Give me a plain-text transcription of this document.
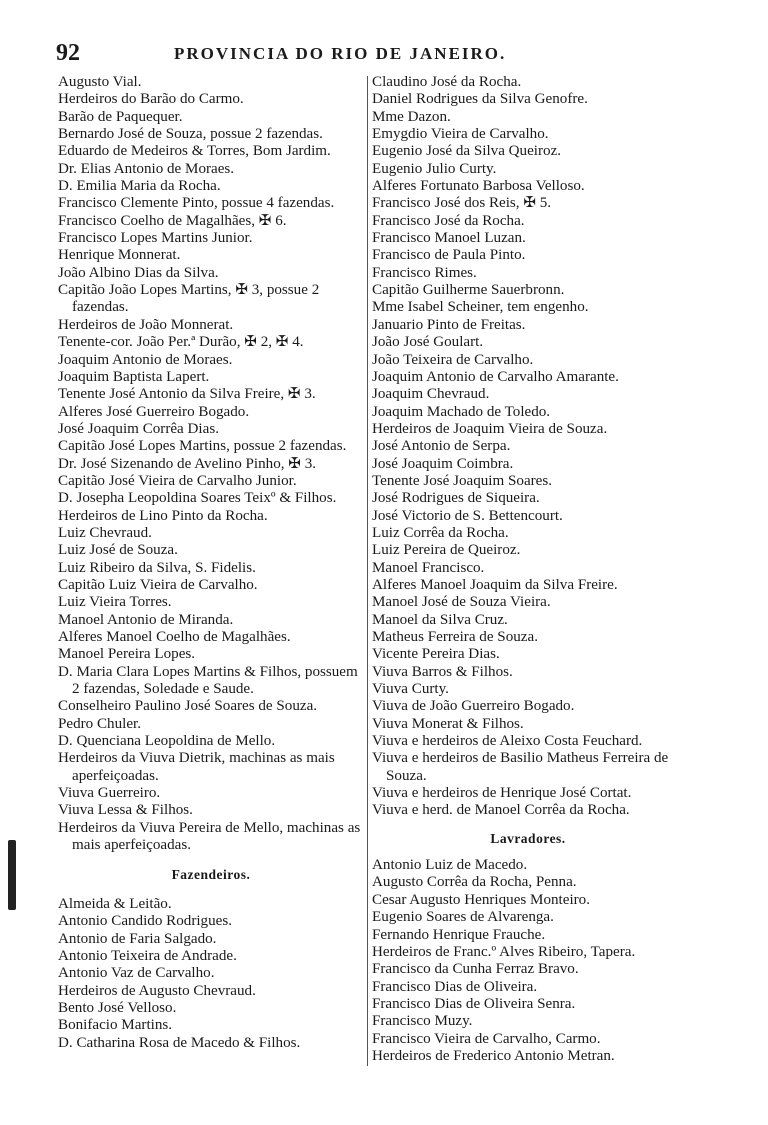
92	PROVINCIA DO RIO DE JANEIRO.
Augusto Vial.
Herdeiros do Barão do Carmo.
Barão de Paquequer.
Bernardo José de Souza, possue 2 fazendas.
Eduardo de Medeiros & Torres, Bom Jardim.
Dr. Elias Antonio de Moraes.
D. Emilia Maria da Rocha.
Francisco Clemente Pinto, possue 4 fazendas.
Francisco Coelho de Magalhães, ✠ 6.
Francisco Lopes Martins Junior.
Henrique Monnerat.
João Albino Dias da Silva.
Capitão João Lopes Martins, ✠ 3, possue 2 fazendas.
Herdeiros de João Monnerat.
Tenente-cor. João Per.ª Durão, ✠ 2, ✠ 4.
Joaquim Antonio de Moraes.
Joaquim Baptista Lapert.
Tenente José Antonio da Silva Freire, ✠ 3.
Alferes José Guerreiro Bogado.
José Joaquim Corrêa Dias.
Capitão José Lopes Martins, possue 2 fazendas.
Dr. José Sizenando de Avelino Pinho, ✠ 3.
Capitão José Vieira de Carvalho Junior.
D. Josepha Leopoldina Soares Teixº & Filhos.
Herdeiros de Lino Pinto da Rocha.
Luiz Chevraud.
Luiz José de Souza.
Luiz Ribeiro da Silva, S. Fidelis.
Capitão Luiz Vieira de Carvalho.
Luiz Vieira Torres.
Manoel Antonio de Miranda.
Alferes Manoel Coelho de Magalhães.
Manoel Pereira Lopes.
D. Maria Clara Lopes Martins & Filhos, possuem 2 fazendas, Soledade e Saude.
Conselheiro Paulino José Soares de Souza.
Pedro Chuler.
D. Quenciana Leopoldina de Mello.
Herdeiros da Viuva Dietrik, machinas as mais aperfeiçoadas.
Viuva Guerreiro.
Viuva Lessa & Filhos.
Herdeiros da Viuva Pereira de Mello, machinas as mais aperfeiçoadas.
Fazendeiros.
Almeida & Leitão.
Antonio Candido Rodrigues.
Antonio de Faria Salgado.
Antonio Teixeira de Andrade.
Antonio Vaz de Carvalho.
Herdeiros de Augusto Chevraud.
Bento José Velloso.
Bonifacio Martins.
D. Catharina Rosa de Macedo & Filhos.
Claudino José da Rocha.
Daniel Rodrigues da Silva Genofre.
Mme Dazon.
Emygdio Vieira de Carvalho.
Eugenio José da Silva Queiroz.
Eugenio Julio Curty.
Alferes Fortunato Barbosa Velloso.
Francisco José dos Reis, ✠ 5.
Francisco José da Rocha.
Francisco Manoel Luzan.
Francisco de Paula Pinto.
Francisco Rimes.
Capitão Guilherme Sauerbronn.
Mme Isabel Scheiner, tem engenho.
Januario Pinto de Freitas.
João José Goulart.
João Teixeira de Carvalho.
Joaquim Antonio de Carvalho Amarante.
Joaquim Chevraud.
Joaquim Machado de Toledo.
Herdeiros de Joaquim Vieira de Souza.
José Antonio de Serpa.
José Joaquim Coimbra.
Tenente José Joaquim Soares.
José Rodrigues de Siqueira.
José Victorio de S. Bettencourt.
Luiz Corrêa da Rocha.
Luiz Pereira de Queiroz.
Manoel Francisco.
Alferes Manoel Joaquim da Silva Freire.
Manoel José de Souza Vieira.
Manoel da Silva Cruz.
Matheus Ferreira de Souza.
Vicente Pereira Dias.
Viuva Barros & Filhos.
Viuva Curty.
Viuva de João Guerreiro Bogado.
Viuva Monerat & Filhos.
Viuva e herdeiros de Aleixo Costa Feuchard.
Viuva e herdeiros de Basilio Matheus Ferreira de Souza.
Viuva e herdeiros de Henrique José Cortat.
Viuva e herd. de Manoel Corrêa da Rocha.
Lavradores.
Antonio Luiz de Macedo.
Augusto Corrêa da Rocha, Penna.
Cesar Augusto Henriques Monteiro.
Eugenio Soares de Alvarenga.
Fernando Henrique Frauche.
Herdeiros de Franc.º Alves Ribeiro, Tapera.
Francisco da Cunha Ferraz Bravo.
Francisco Dias de Oliveira.
Francisco Dias de Oliveira Senra.
Francisco Muzy.
Francisco Vieira de Carvalho, Carmo.
Herdeiros de Frederico Antonio Metran.
